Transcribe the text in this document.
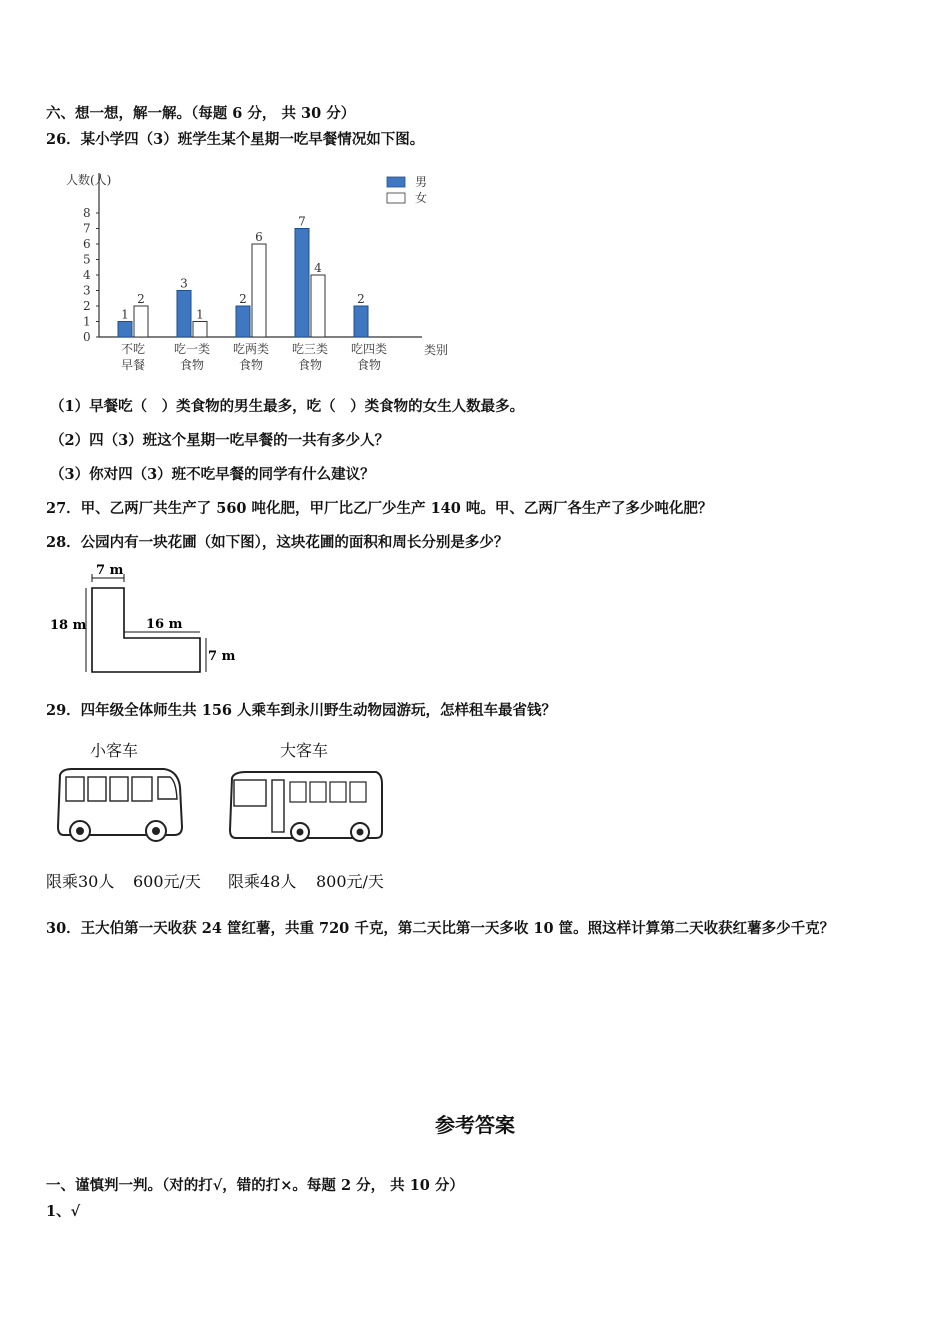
六、想一想，解一解。（每题 6 分， 共 30 分）
26．某小学四（3）班学生某个星期一吃早餐情况如下图。
人数(人)
0
1
2
3
4
5
6
7
8
1
2
3
1
2
6
7
4
2
不吃
早餐
吃一类
食物
吃两类
食物
吃三类
食物
吃四类
食物
类别
男
女
（1）早餐吃（　）类食物的男生最多，吃（　）类食物的女生人数最多。
（2）四（3）班这个星期一吃早餐的一共有多少人？
（3）你对四（3）班不吃早餐的同学有什么建议？
27．甲、乙两厂共生产了 560 吨化肥，甲厂比乙厂少生产 140 吨。甲、乙两厂各生产了多少吨化肥？
28．公园内有一块花圃（如下图），这块花圃的面积和周长分别是多少？
7 m
18 m	16 m
7 m
29．四年级全体师生共 156 人乘车到永川野生动物园游玩，怎样租车最省钱？
小客车
限乘30人 600元/天
大客车
限乘48人 800元/天
30．王大伯第一天收获 24 筐红薯，共重 720 千克，第二天比第一天多收 10 筐。照这样计算第二天收获红薯多少千克？
参考答案
一、谨慎判一判。（对的打√，错的打×。每题 2 分， 共 10 分）
1、√
